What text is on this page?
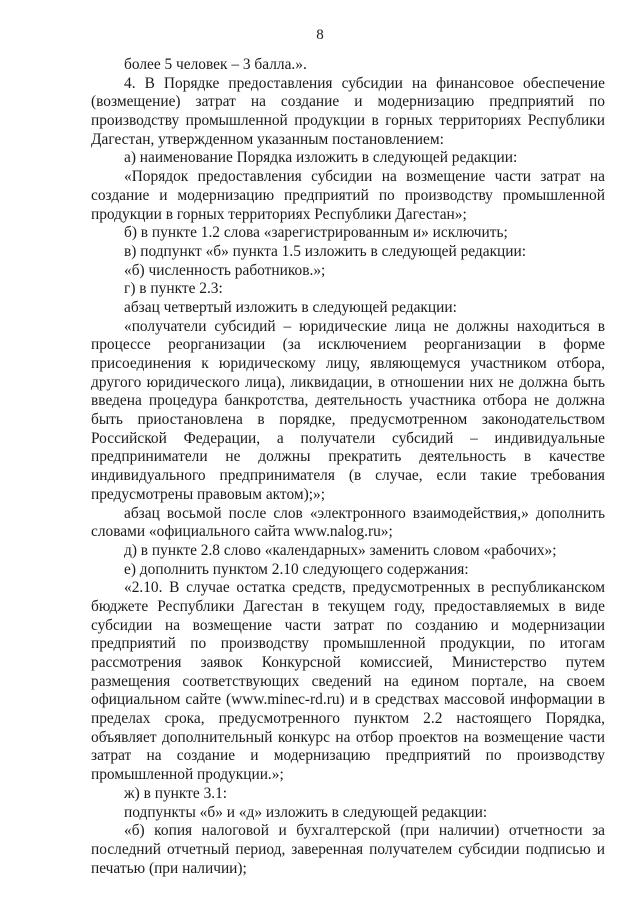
8
более 5 человек – 3 балла.».
4. В Порядке предоставления субсидии на финансовое обеспечение
(возмещение) затрат на создание и модернизацию предприятий по
производству промышленной продукции в горных территориях Республики
Дагестан, утвержденном указанным постановлением:
а) наименование Порядка изложить в следующей редакции:
«Порядок предоставления субсидии на возмещение части затрат на
создание и модернизацию предприятий по производству промышленной
продукции в горных территориях Республики Дагестан»;
б) в пункте 1.2 слова «зарегистрированным и» исключить;
в) подпункт «б» пункта 1.5 изложить в следующей редакции:
«б) численность работников.»;
г) в пункте 2.3:
абзац четвертый изложить в следующей редакции:
«получатели субсидий – юридические лица не должны находиться в
процессе реорганизации (за исключением реорганизации в форме
присоединения к юридическому лицу, являющемуся участником отбора,
другого юридического лица), ликвидации, в отношении них не должна быть
введена процедура банкротства, деятельность участника отбора не должна
быть приостановлена в порядке, предусмотренном законодательством
Российской Федерации, а получатели субсидий – индивидуальные
предприниматели не должны прекратить деятельность в качестве
индивидуального предпринимателя (в случае, если такие требования
предусмотрены правовым актом);»;
абзац восьмой после слов «электронного взаимодействия,» дополнить
словами «официального сайта www.nalog.ru»;
д) в пункте 2.8 слово «календарных» заменить словом «рабочих»;
е) дополнить пунктом 2.10 следующего содержания:
«2.10. В случае остатка средств, предусмотренных в республиканском
бюджете Республики Дагестан в текущем году, предоставляемых в виде
субсидии на возмещение части затрат по созданию и модернизации
предприятий по производству промышленной продукции, по итогам
рассмотрения заявок Конкурсной комиссией, Министерство путем
размещения соответствующих сведений на едином портале, на своем
официальном сайте (www.minec-rd.ru) и в средствах массовой информации в
пределах срока, предусмотренного пунктом 2.2 настоящего Порядка,
объявляет дополнительный конкурс на отбор проектов на возмещение части
затрат на создание и модернизацию предприятий по производству
промышленной продукции.»;
ж) в пункте 3.1:
подпункты «б» и «д» изложить в следующей редакции:
«б) копия налоговой и бухгалтерской (при наличии) отчетности за
последний отчетный период, заверенная получателем субсидии подписью и
печатью (при наличии);
